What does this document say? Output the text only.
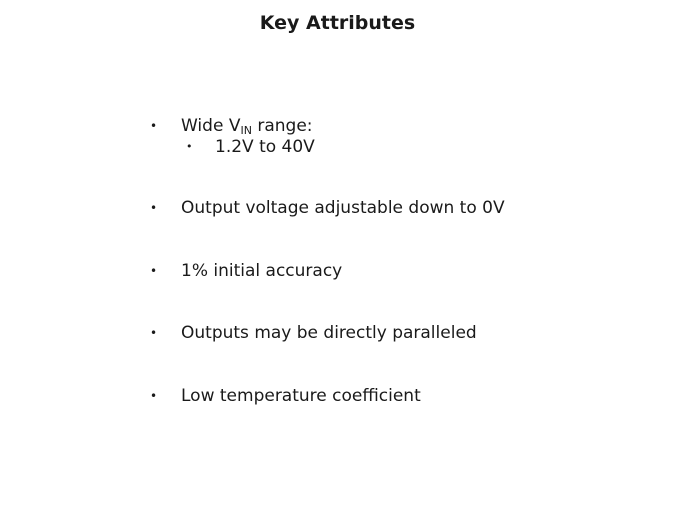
Key Attributes
• Wide $V_{IN}$ range:
• 1.2V to 40V
• Output voltage adjustable down to 0V
• 1% initial accuracy
• Outputs may be directly paralleled
• Low temperature coefficient
